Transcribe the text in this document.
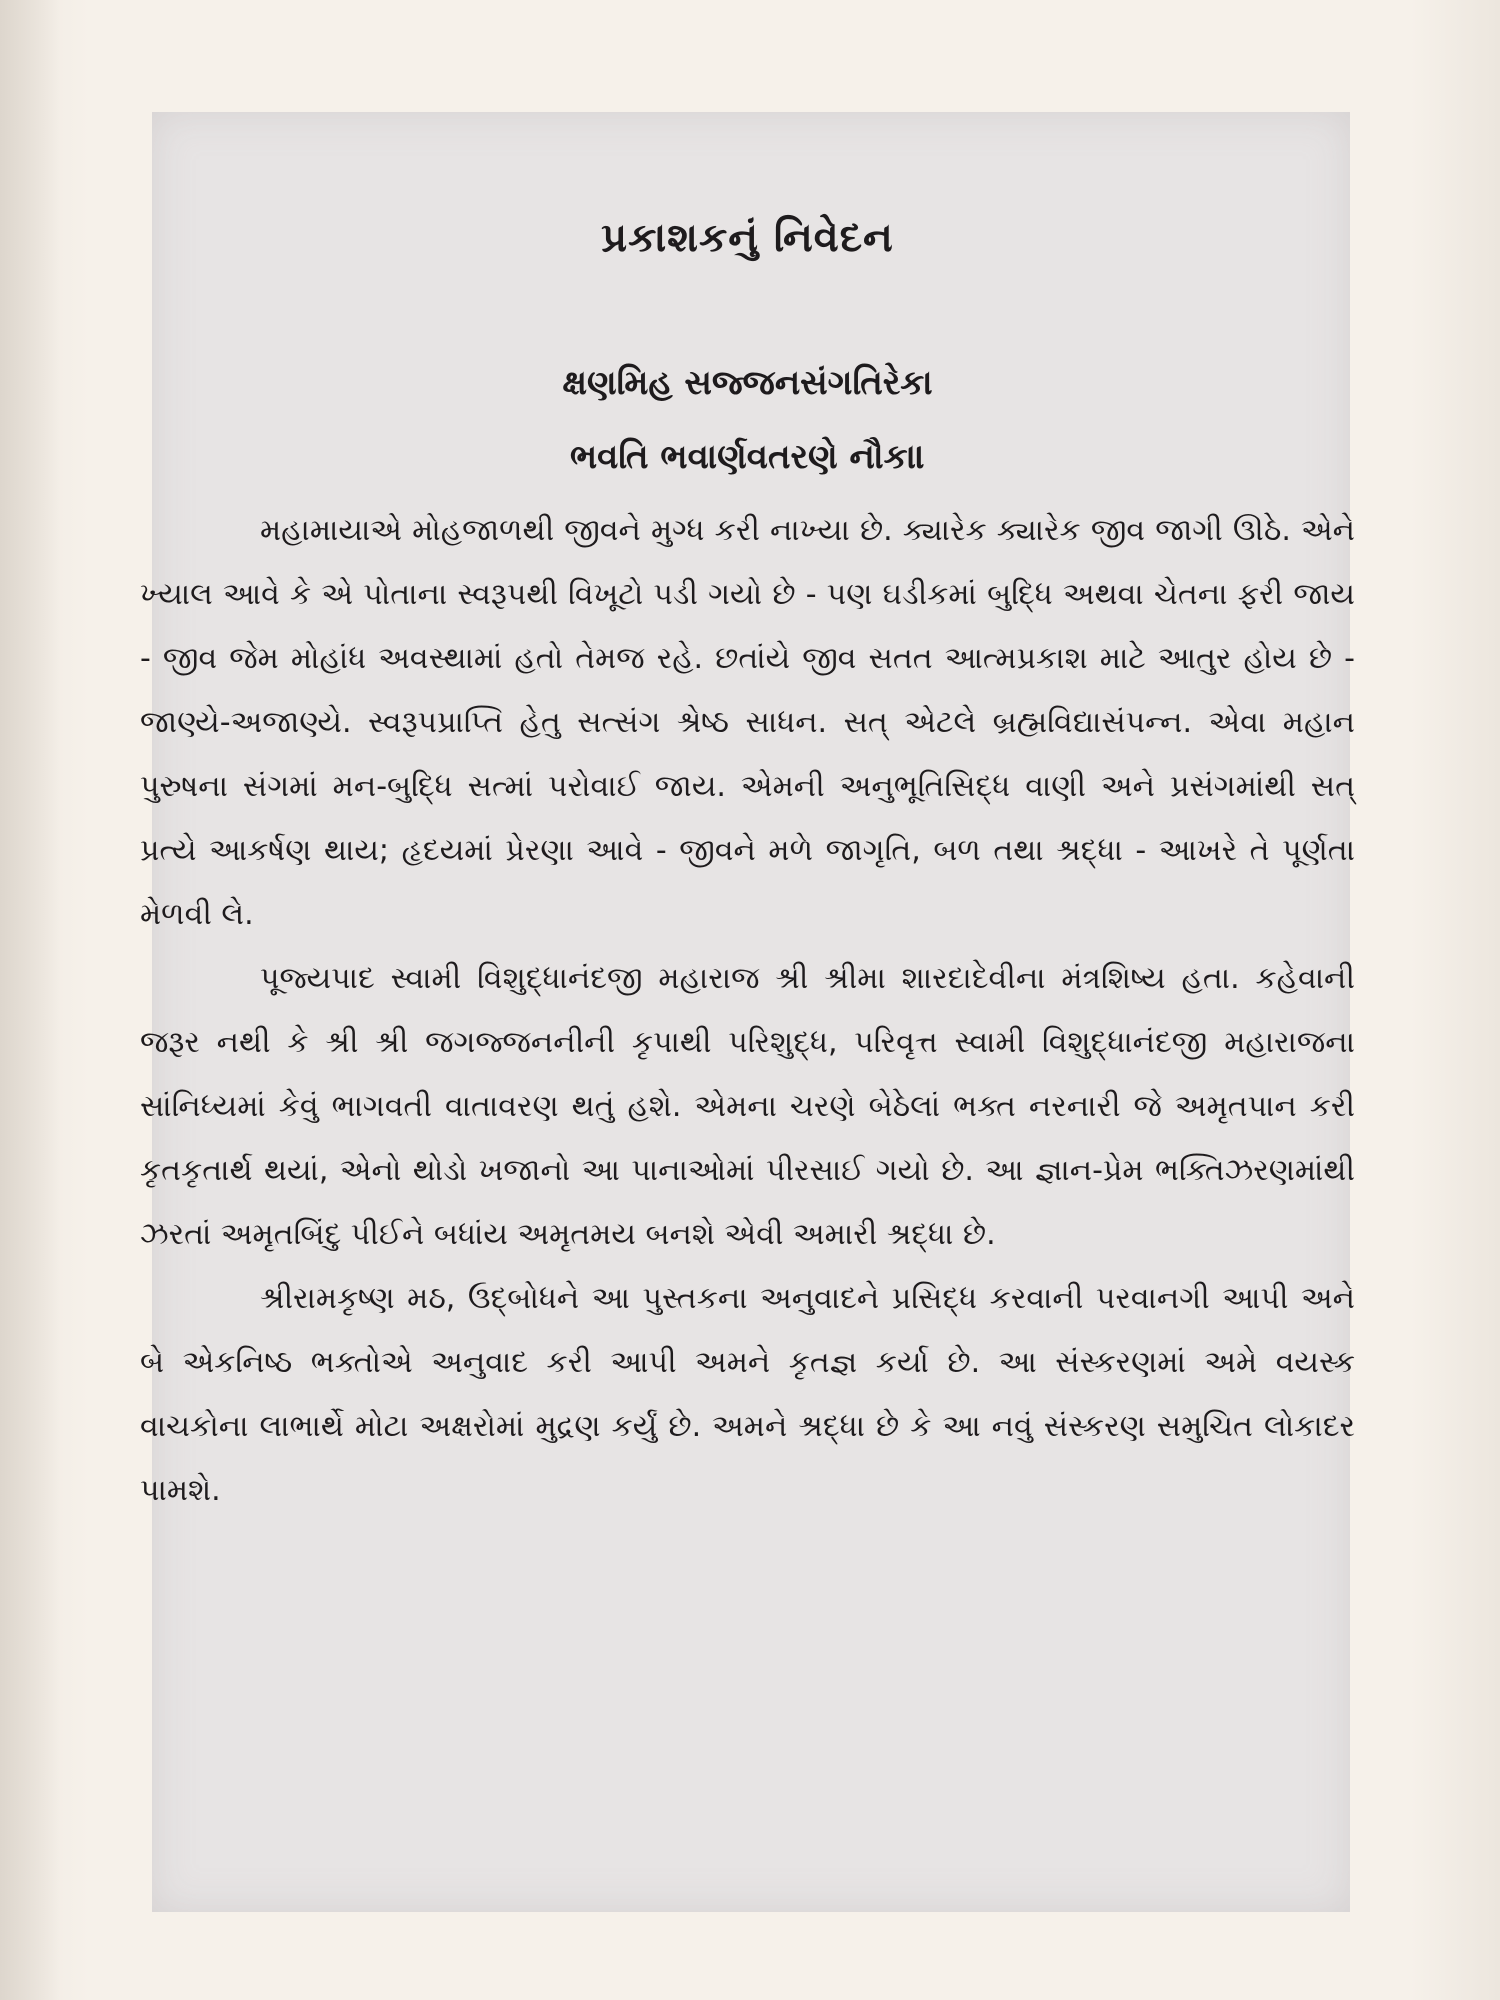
પ્રકાશકનું નિવેદન

ક્ષણમિહ સજ્જનસંગતિરેકા

ભવતિ ભવાર્ણવતરણે નૌકા।

મહામાયાએ મોહજાળથી જીવને મુગ્ધ કરી નાખ્યા છે. ક્યારેક ક્યારેક જીવ જાગી ઊઠે. એને ખ્યાલ આવે કે એ પોતાના સ્વરૂપથી વિખૂટો પડી ગયો છે - પણ ઘડીકમાં બુદ્ધિ અથવા ચેતના ફરી જાય - જીવ જેમ મોહાંધ અવસ્થામાં હતો તેમજ રહે. છતાંયે જીવ સતત આત્મપ્રકાશ માટે આતુર હોય છે - જાણ્યે-અજાણ્યે. સ્વરૂપપ્રાપ્તિ હેતુ સત્સંગ શ્રેષ્ઠ સાધન. સત્ એટલે બ્રહ્મવિદ્યાસંપન્ન. એવા મહાન પુરુષના સંગમાં મન-બુદ્ધિ સત્માં પરોવાઈ જાય. એમની અનુભૂતિસિદ્ધ વાણી અને પ્રસંગમાંથી સત્ પ્રત્યે આકર્ષણ થાય; હૃદયમાં પ્રેરણા આવે - જીવને મળે જાગૃતિ, બળ તથા શ્રદ્ધા - આખરે તે પૂર્ણતા મેળવી લે.

પૂજ્યપાદ સ્વામી વિશુદ્ધાનંદજી મહારાજ શ્રી શ્રીમા શારદાદેવીના મંત્રશિષ્ય હતા. કહેવાની જરૂર નથી કે શ્રી શ્રી જગજ્જનનીની કૃપાથી પરિશુદ્ધ, પરિવૃત્ત સ્વામી વિશુદ્ધાનંદજી મહારાજના સાંનિધ્યમાં કેવું ભાગવતી વાતાવરણ થતું હશે. એમના ચરણે બેઠેલાં ભક્ત નરનારી જે અમૃતપાન કરી કૃતકૃતાર્થ થયાં, એનો થોડો ખજાનો આ પાનાઓમાં પીરસાઈ ગયો છે. આ જ્ઞાન-પ્રેમ ભક્તિઝરણમાંથી ઝરતાં અમૃતબિંદુ પીઈને બધાંય અમૃતમય બનશે એવી અમારી શ્રદ્ધા છે.

શ્રીરામકૃષ્ણ મઠ, ઉદ્બોધને આ પુસ્તકના અનુવાદને પ્રસિદ્ધ કરવાની પરવાનગી આપી અને બે એકનિષ્ઠ ભક્તોએ અનુવાદ કરી આપી અમને કૃતજ્ઞ કર્યા છે. આ સંસ્કરણમાં અમે વયસ્ક વાચકોના લાભાર્થે મોટા અક્ષરોમાં મુદ્રણ કર્યું છે. અમને શ્રદ્ધા છે કે આ નવું સંસ્કરણ સમુચિત લોકાદર પામશે.
